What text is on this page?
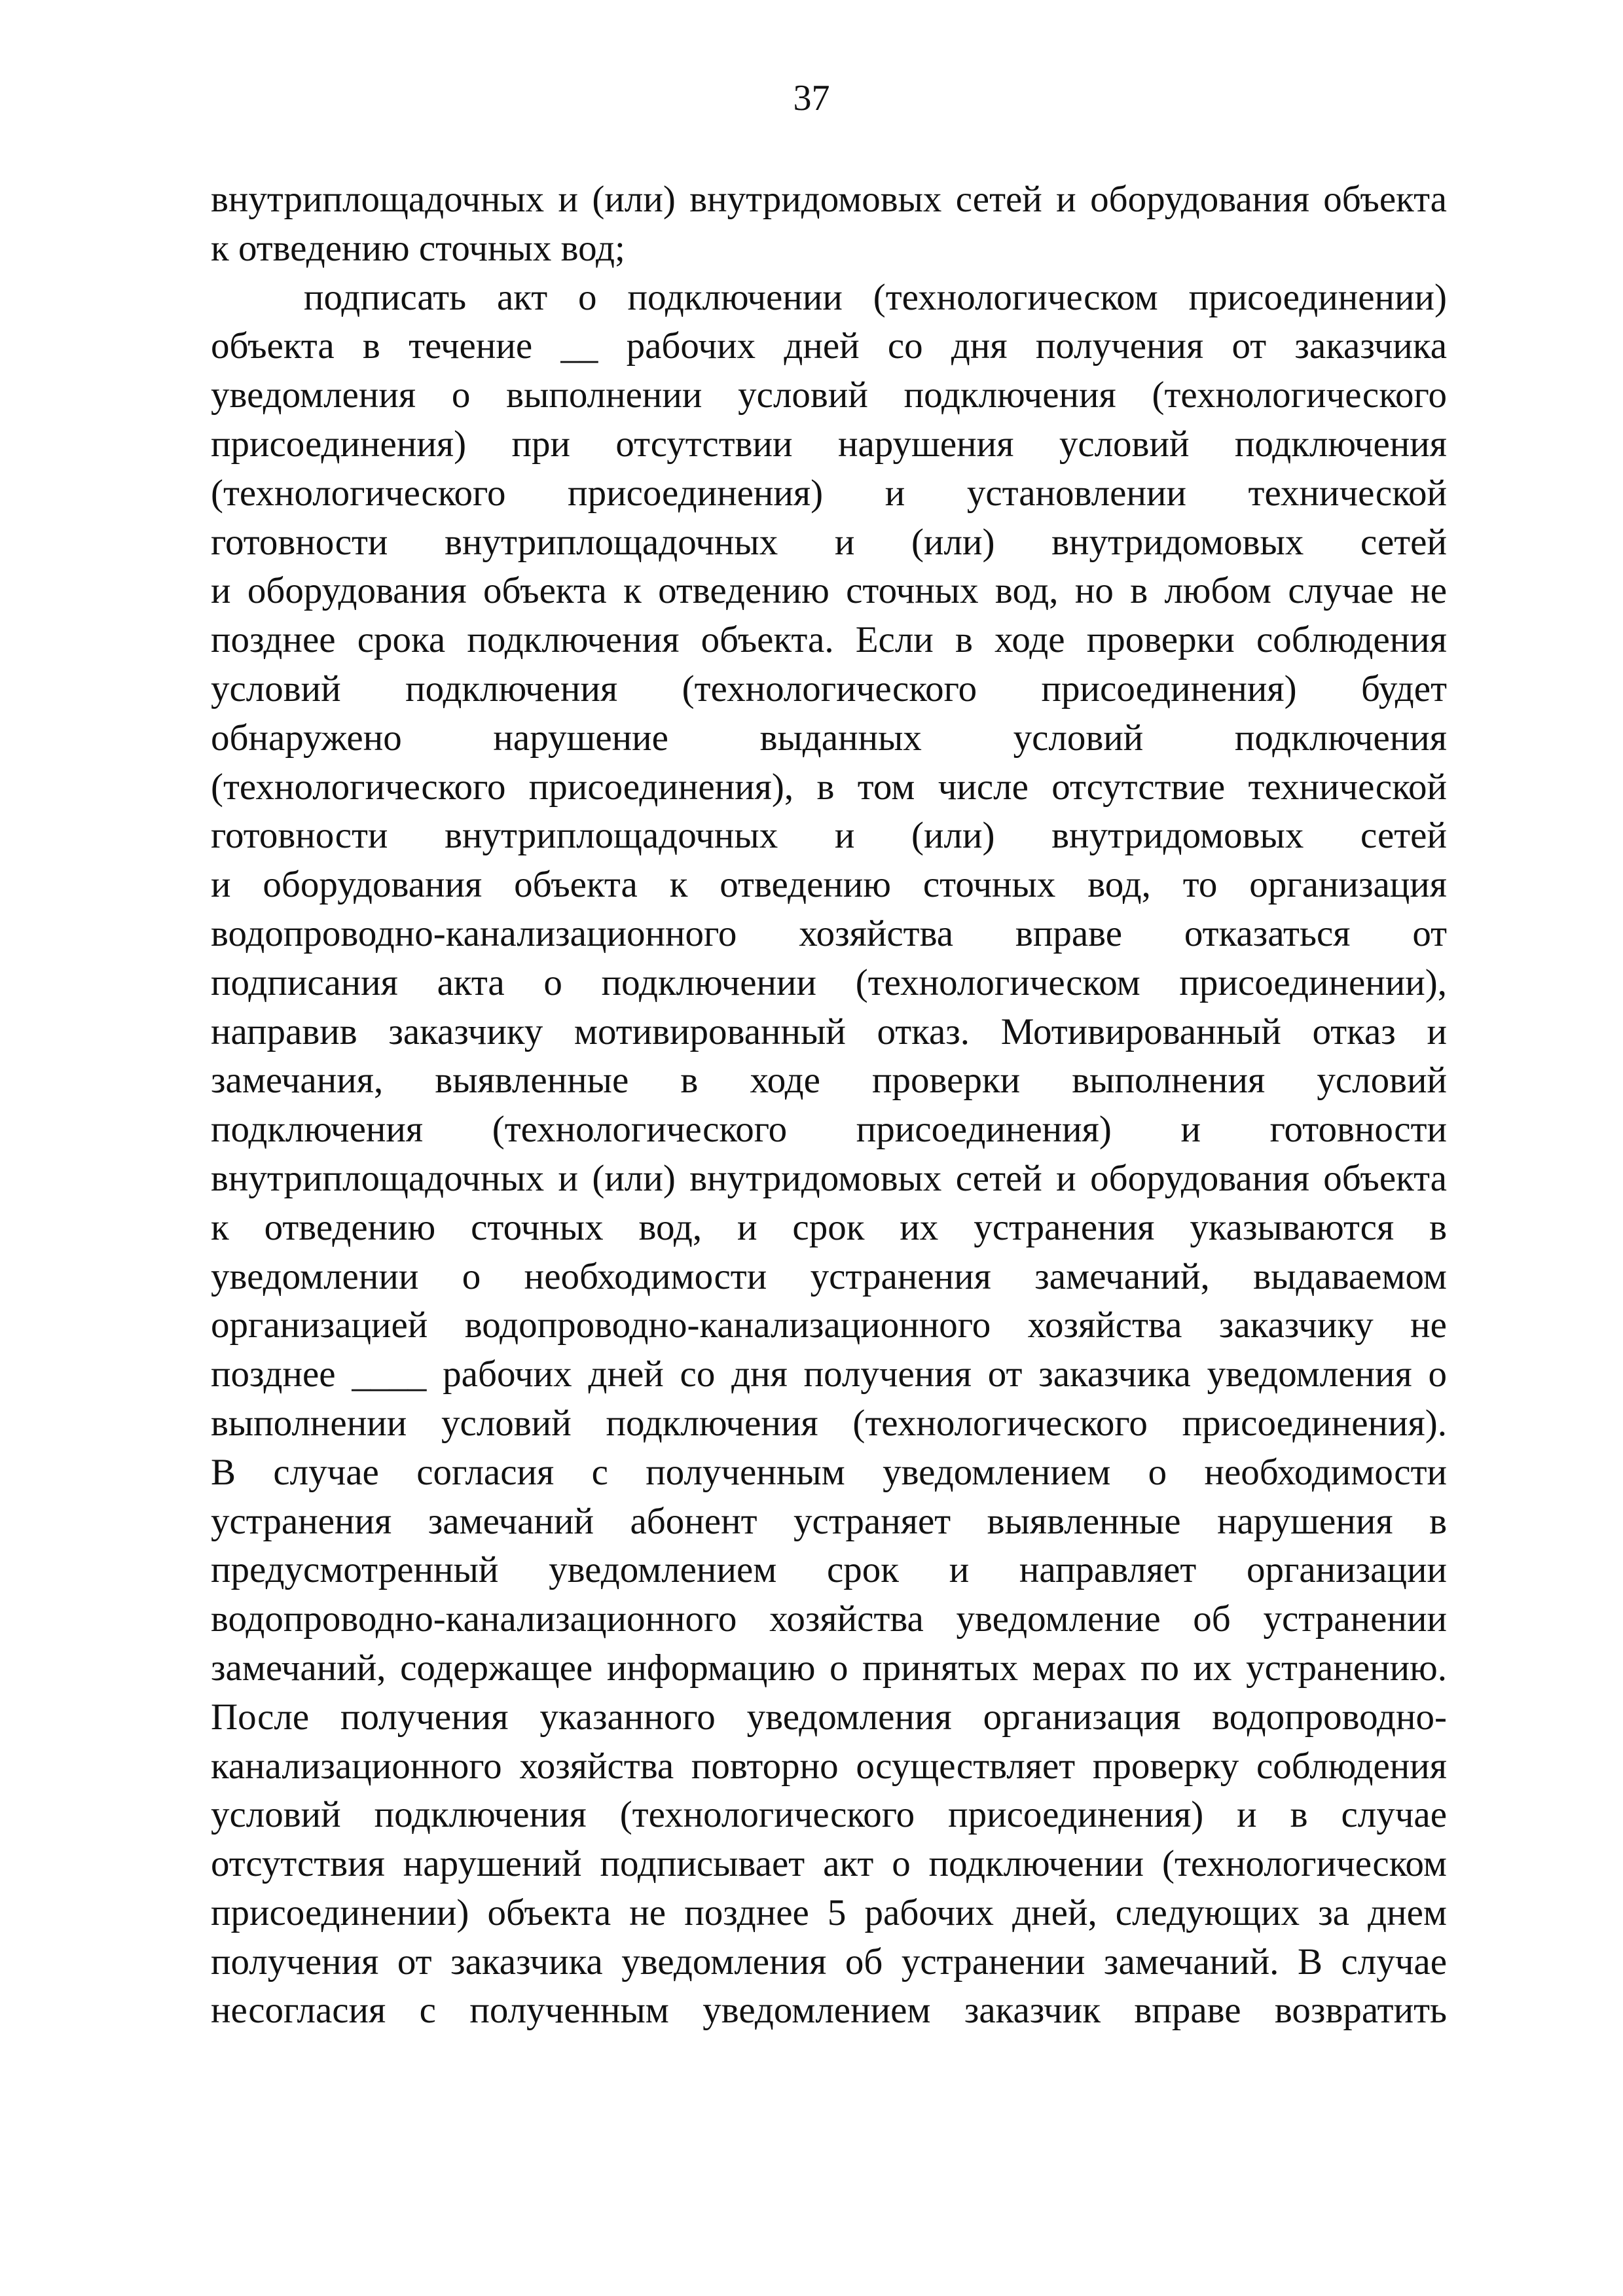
37
внутриплощадочных и (или) внутридомовых сетей и оборудования объекта
к отведению сточных вод;
подписать акт о подключении (технологическом присоединении)
объекта в течение __ рабочих дней со дня получения от заказчика
уведомления о выполнении условий подключения (технологического
присоединения) при отсутствии нарушения условий подключения
(технологического присоединения) и установлении технической
готовности внутриплощадочных и (или) внутридомовых сетей
и оборудования объекта к отведению сточных вод, но в любом случае не
позднее срока подключения объекта. Если в ходе проверки соблюдения
условий подключения (технологического присоединения) будет
обнаружено нарушение выданных условий подключения
(технологического присоединения), в том числе отсутствие технической
готовности внутриплощадочных и (или) внутридомовых сетей
и оборудования объекта к отведению сточных вод, то организация
водопроводно-канализационного хозяйства вправе отказаться от
подписания акта о подключении (технологическом присоединении),
направив заказчику мотивированный отказ. Мотивированный отказ и
замечания, выявленные в ходе проверки выполнения условий
подключения (технологического присоединения) и готовности
внутриплощадочных и (или) внутридомовых сетей и оборудования объекта
к отведению сточных вод, и срок их устранения указываются в
уведомлении о необходимости устранения замечаний, выдаваемом
организацией водопроводно-канализационного хозяйства заказчику не
позднее ____ рабочих дней со дня получения от заказчика уведомления о
выполнении условий подключения (технологического присоединения).
В случае согласия с полученным уведомлением о необходимости
устранения замечаний абонент устраняет выявленные нарушения в
предусмотренный уведомлением срок и направляет организации
водопроводно-канализационного хозяйства уведомление об устранении
замечаний, содержащее информацию о принятых мерах по их устранению.
После получения указанного уведомления организация водопроводно-
канализационного хозяйства повторно осуществляет проверку соблюдения
условий подключения (технологического присоединения) и в случае
отсутствия нарушений подписывает акт о подключении (технологическом
присоединении) объекта не позднее 5 рабочих дней, следующих за днем
получения от заказчика уведомления об устранении замечаний. В случае
несогласия с полученным уведомлением заказчик вправе возвратить
